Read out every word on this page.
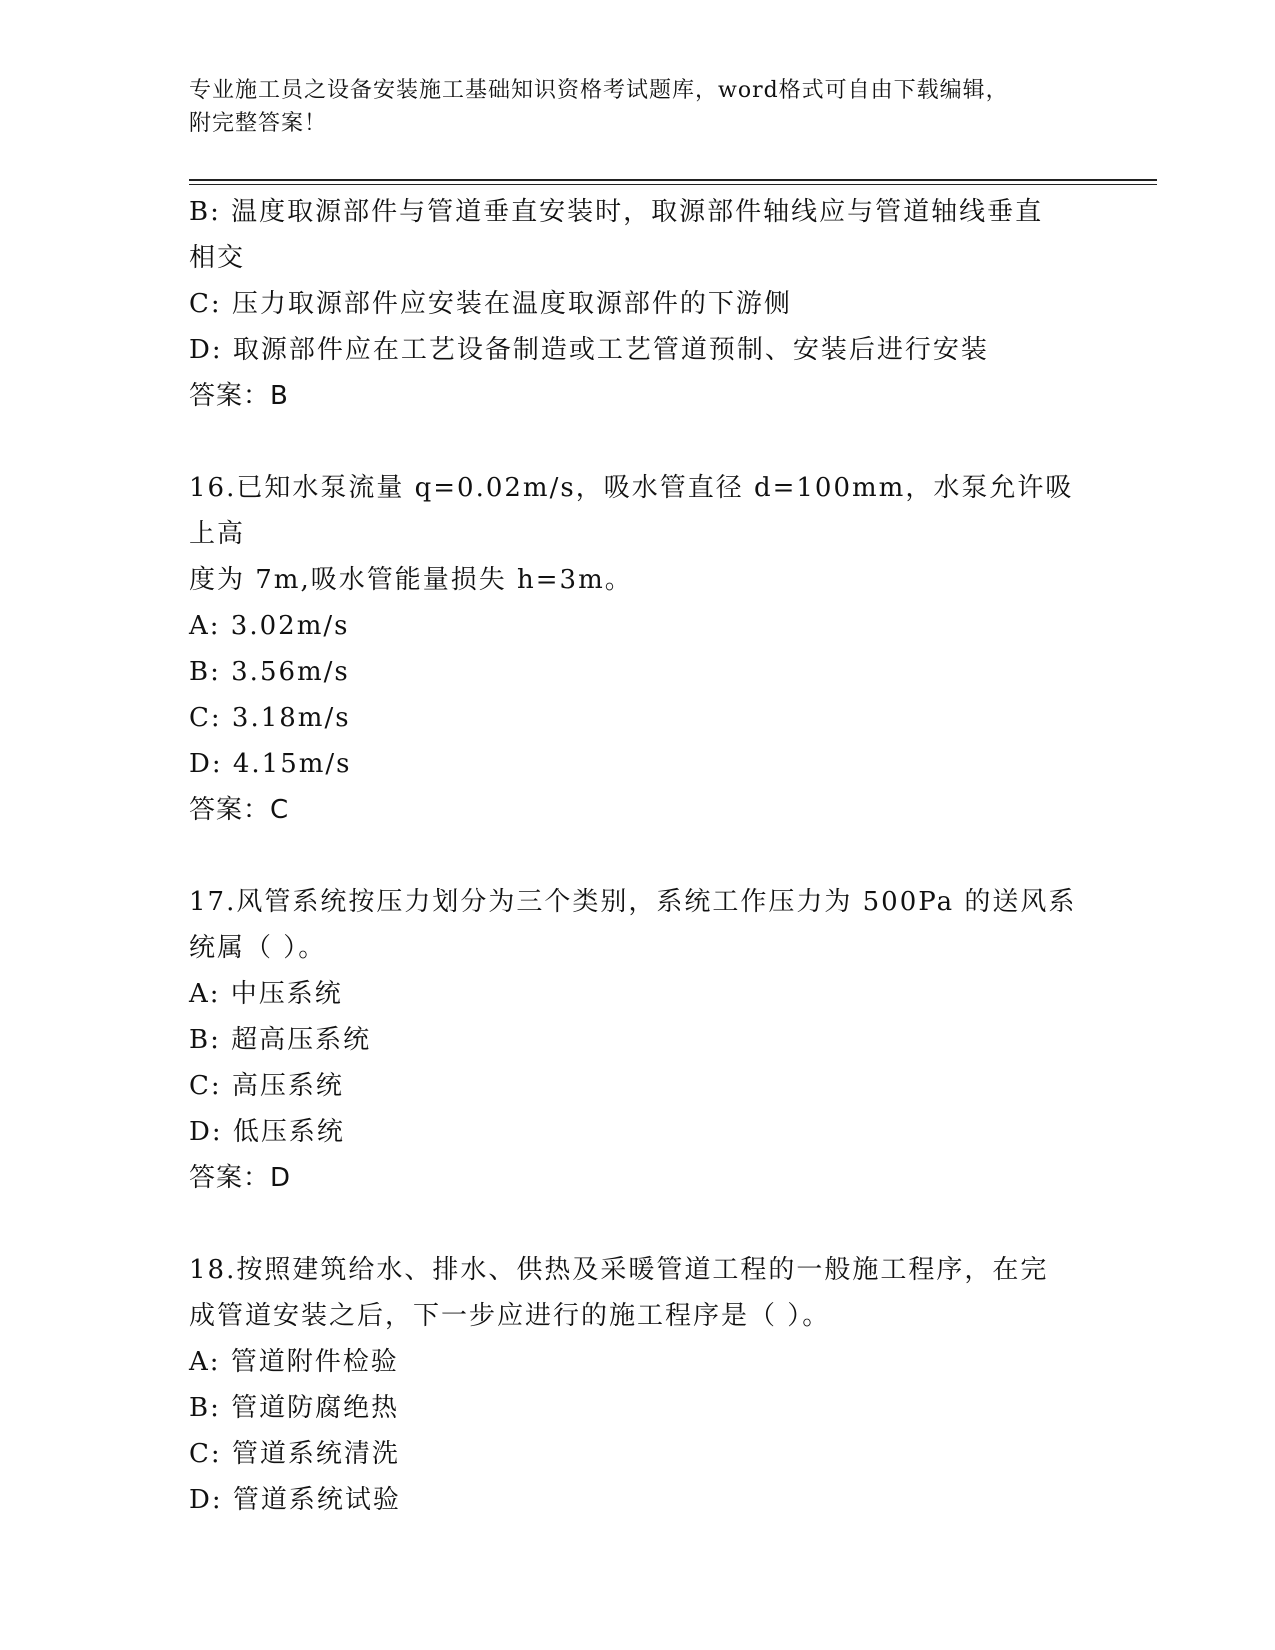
专业施工员之设备安装施工基础知识资格考试题库，word格式可自由下载编辑，
附完整答案！

B: 温度取源部件与管道垂直安装时，取源部件轴线应与管道轴线垂直

相交

C: 压力取源部件应安装在温度取源部件的下游侧

D: 取源部件应在工艺设备制造或工艺管道预制、安装后进行安装

答案：B

16.已知水泵流量 q=0.02m/s，吸水管直径 d=100mm，水泵允许吸上高

度为 7m,吸水管能量损失 h=3m。

A: 3.02m/s

B: 3.56m/s

C: 3.18m/s

D: 4.15m/s

答案：C

17.风管系统按压力划分为三个类别，系统工作压力为 500Pa 的送风系

统属（ ）。

A: 中压系统

B: 超高压系统

C: 高压系统

D: 低压系统

答案：D

18.按照建筑给水、排水、供热及采暖管道工程的一般施工程序，在完

成管道安装之后，下一步应进行的施工程序是（ ）。

A: 管道附件检验

B: 管道防腐绝热

C: 管道系统清洗

D: 管道系统试验
